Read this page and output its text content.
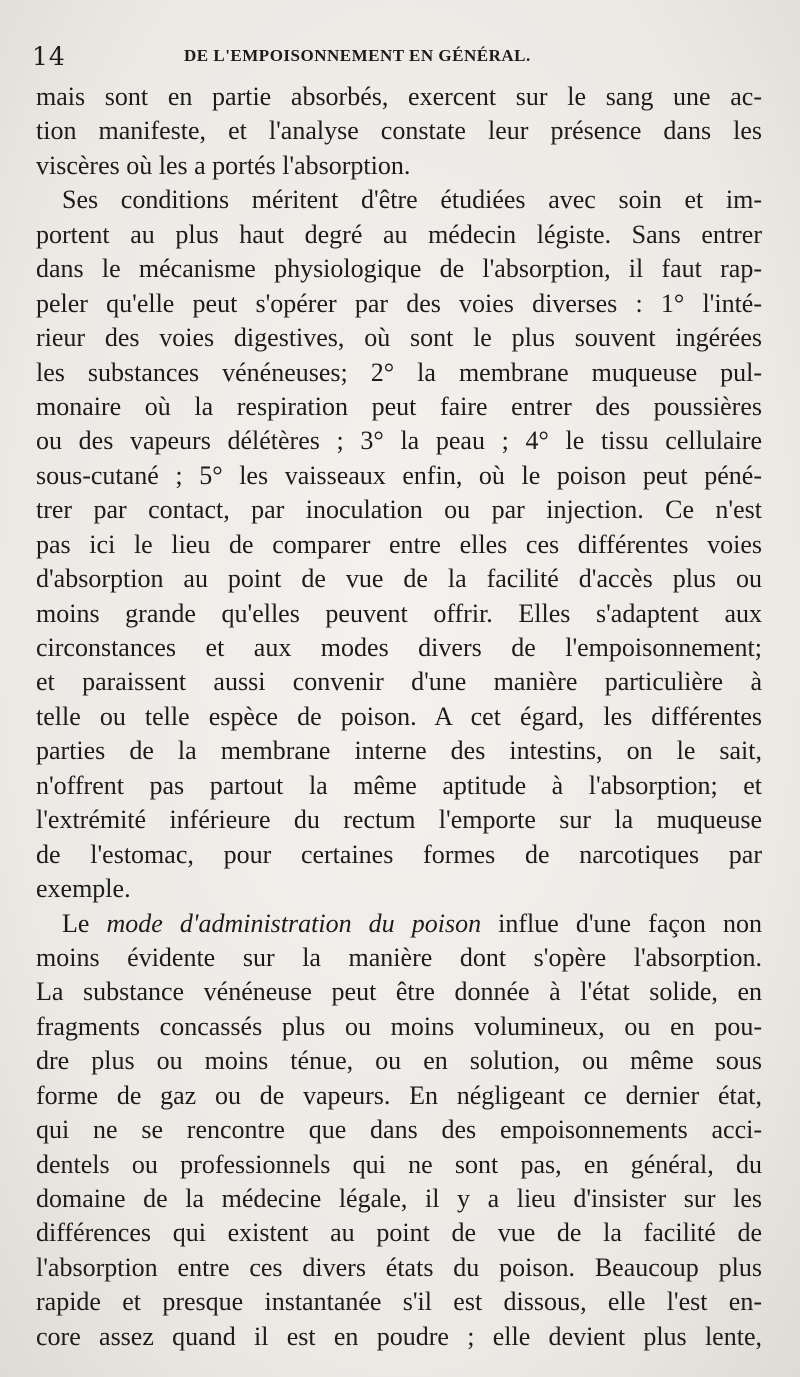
14	DE L'EMPOISONNEMENT EN GÉNÉRAL.
mais sont en partie absorbés, exercent sur le sang une ac-
tion manifeste, et l'analyse constate leur présence dans les
viscères où les a portés l'absorption.
Ses conditions méritent d'être étudiées avec soin et im-
portent au plus haut degré au médecin légiste. Sans entrer
dans le mécanisme physiologique de l'absorption, il faut rap-
peler qu'elle peut s'opérer par des voies diverses : 1° l'inté-
rieur des voies digestives, où sont le plus souvent ingérées
les substances vénéneuses; 2° la membrane muqueuse pul-
monaire où la respiration peut faire entrer des poussières
ou des vapeurs délétères ; 3° la peau ; 4° le tissu cellulaire
sous-cutané ; 5° les vaisseaux enfin, où le poison peut péné-
trer par contact, par inoculation ou par injection. Ce n'est
pas ici le lieu de comparer entre elles ces différentes voies
d'absorption au point de vue de la facilité d'accès plus ou
moins grande qu'elles peuvent offrir. Elles s'adaptent aux
circonstances et aux modes divers de l'empoisonnement;
et paraissent aussi convenir d'une manière particulière à
telle ou telle espèce de poison. A cet égard, les différentes
parties de la membrane interne des intestins, on le sait,
n'offrent pas partout la même aptitude à l'absorption; et
l'extrémité inférieure du rectum l'emporte sur la muqueuse
de l'estomac, pour certaines formes de narcotiques par
exemple.
Le mode d'administration du poison influe d'une façon non
moins évidente sur la manière dont s'opère l'absorption.
La substance vénéneuse peut être donnée à l'état solide, en
fragments concassés plus ou moins volumineux, ou en pou-
dre plus ou moins ténue, ou en solution, ou même sous
forme de gaz ou de vapeurs. En négligeant ce dernier état,
qui ne se rencontre que dans des empoisonnements acci-
dentels ou professionnels qui ne sont pas, en général, du
domaine de la médecine légale, il y a lieu d'insister sur les
différences qui existent au point de vue de la facilité de
l'absorption entre ces divers états du poison. Beaucoup plus
rapide et presque instantanée s'il est dissous, elle l'est en-
core assez quand il est en poudre ; elle devient plus lente,
